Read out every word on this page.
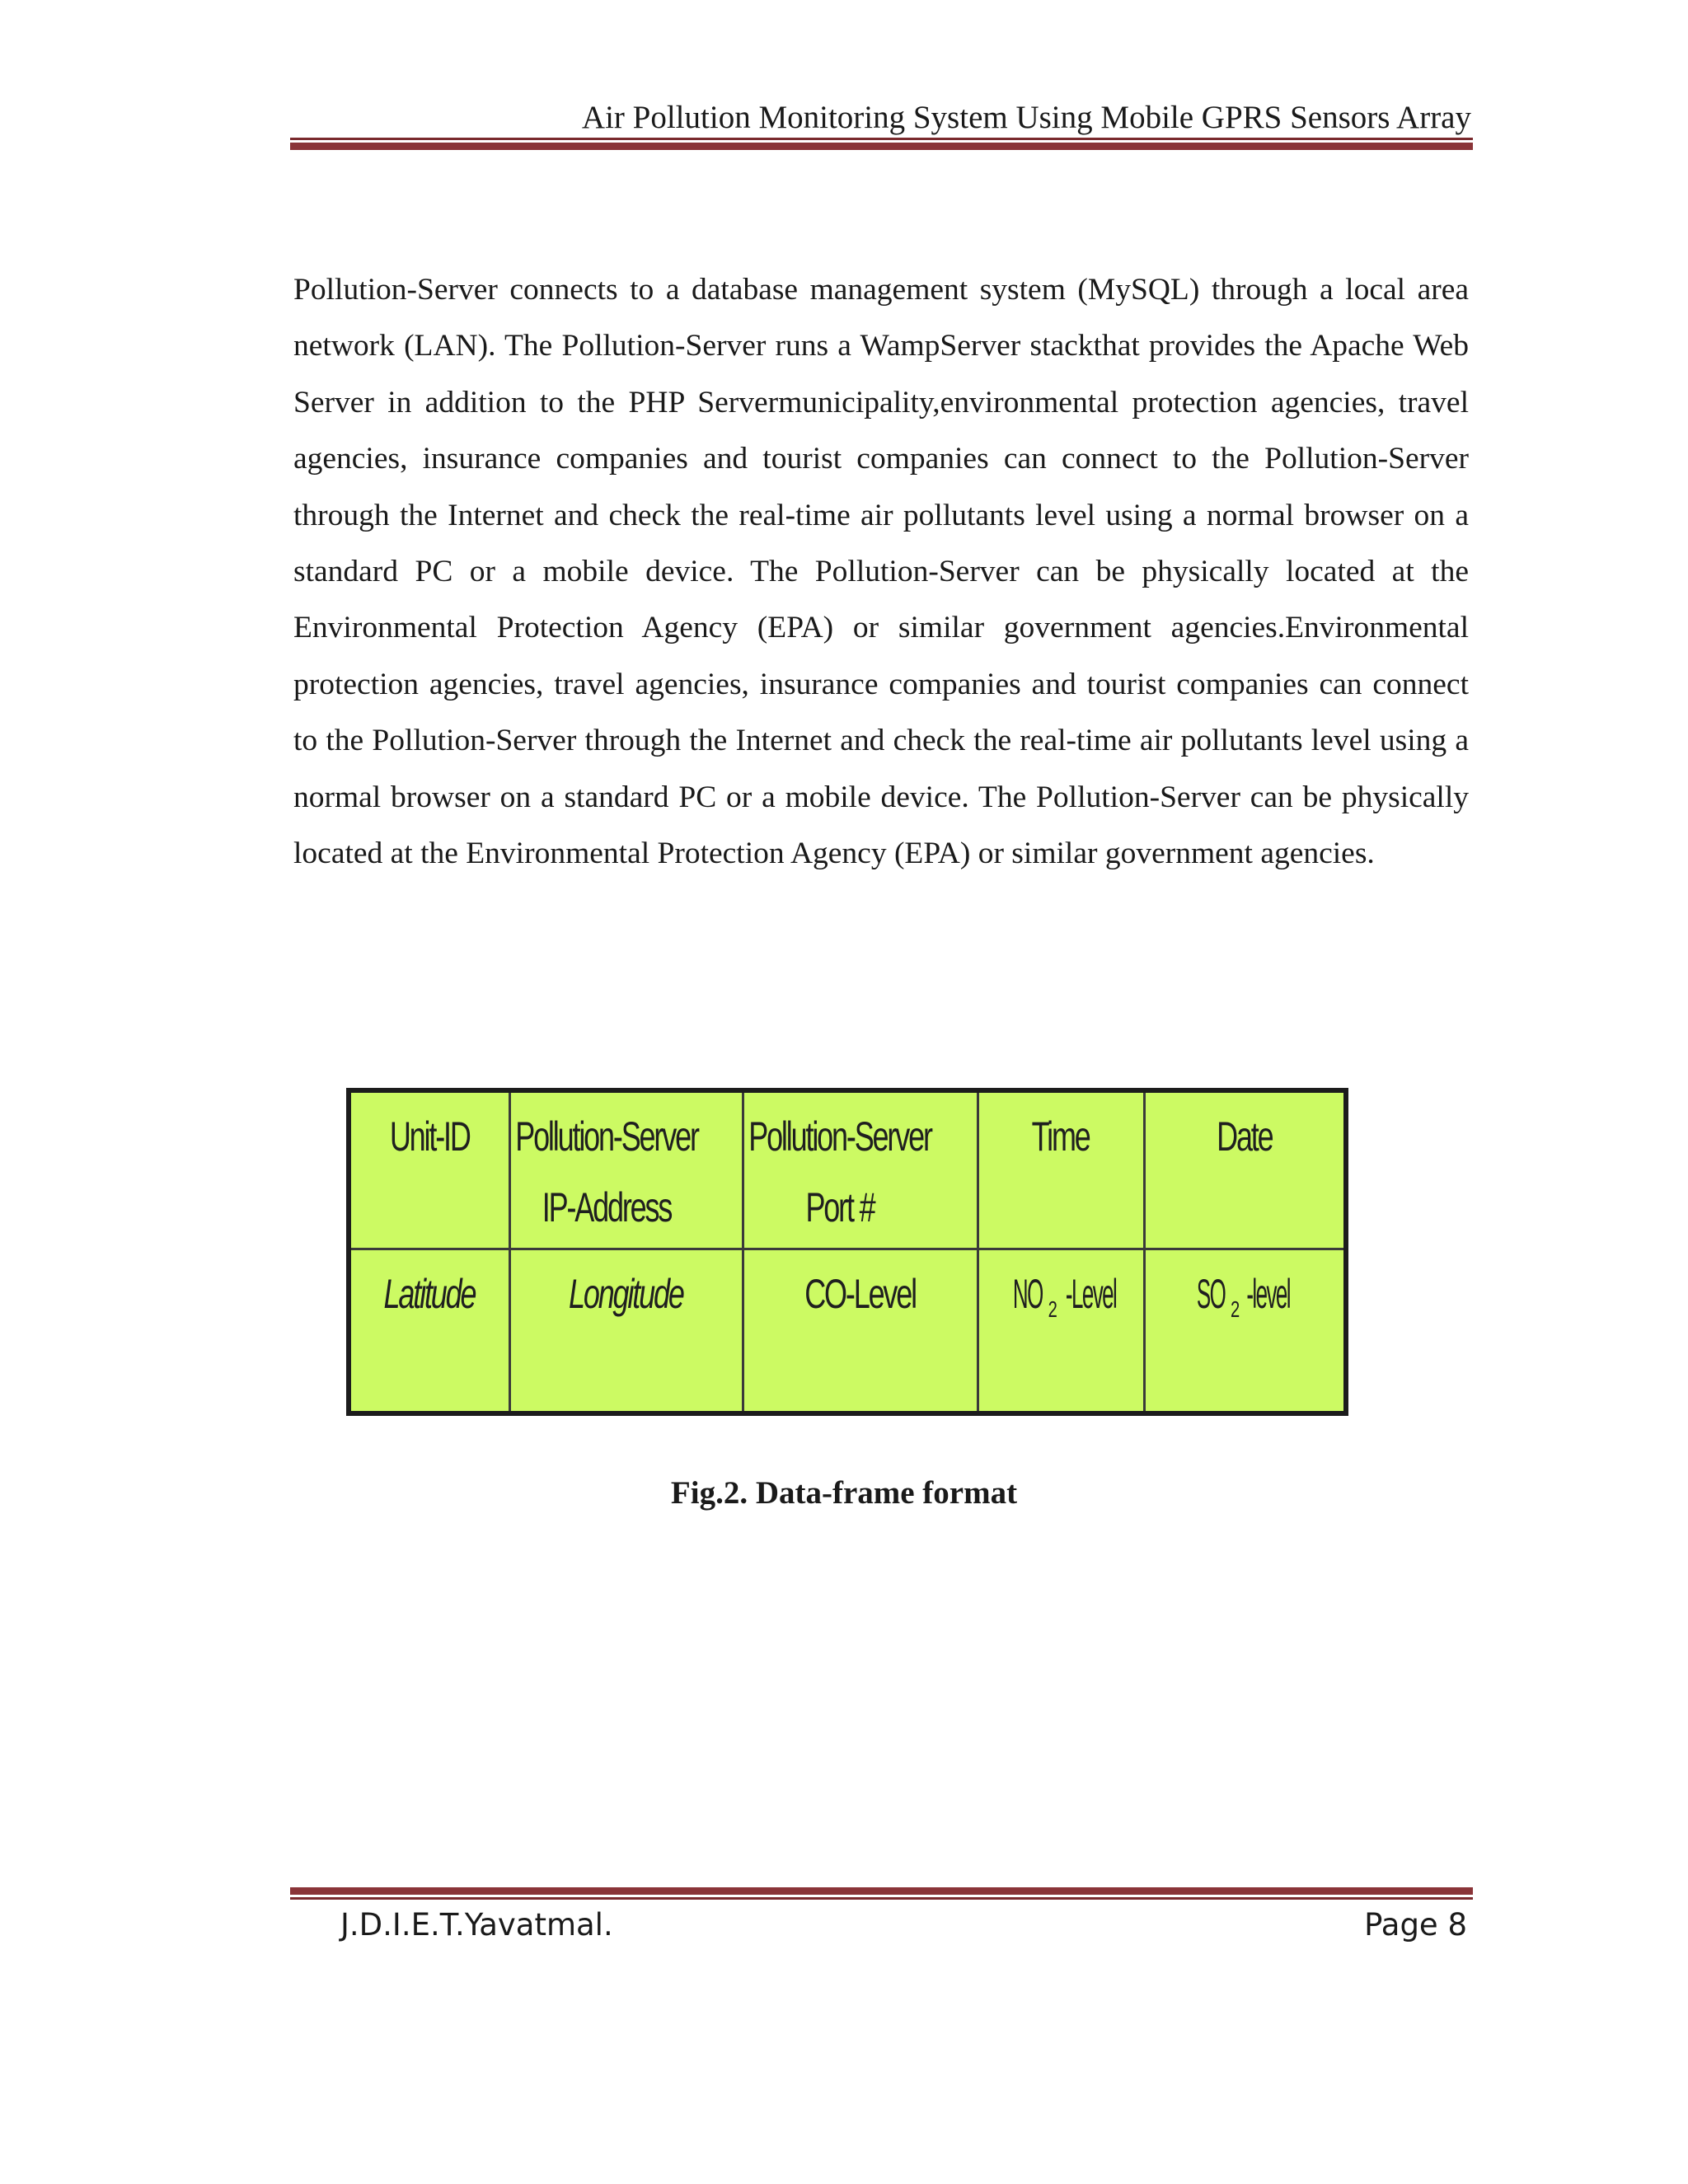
Air Pollution Monitoring System Using Mobile GPRS Sensors Array

Pollution-Server connects to a database management system (MySQL) through a local area network (LAN). The Pollution-Server runs a WampServer stackthat provides the Apache Web Server in addition to the PHP Servermunicipality,environmental protection agencies, travel agencies, insurance companies and tourist companies can connect to the Pollution-Server through the Internet and check the real-time air pollutants level using a normal browser on a standard PC or a mobile device. The Pollution-Server can be physically located at the Environmental Protection Agency (EPA) or similar government agencies.Environmental protection agencies, travel agencies, insurance companies and tourist companies can connect to the Pollution-Server through the Internet and check the real-time air pollutants level using a normal browser on a standard PC or a mobile device. The Pollution-Server can be physically located at the Environmental Protection Agency (EPA) or similar government agencies.

Unit-ID	Pollution-Server IP-Address	Pollution-Server Port #	Time	Date
Latitude	Longitude	CO-Level	NO $_2$ -Level	SO $_2$ -level
Fig.2. Data-frame format
J.D.I.E.T.Yavatmal.	Page 8
